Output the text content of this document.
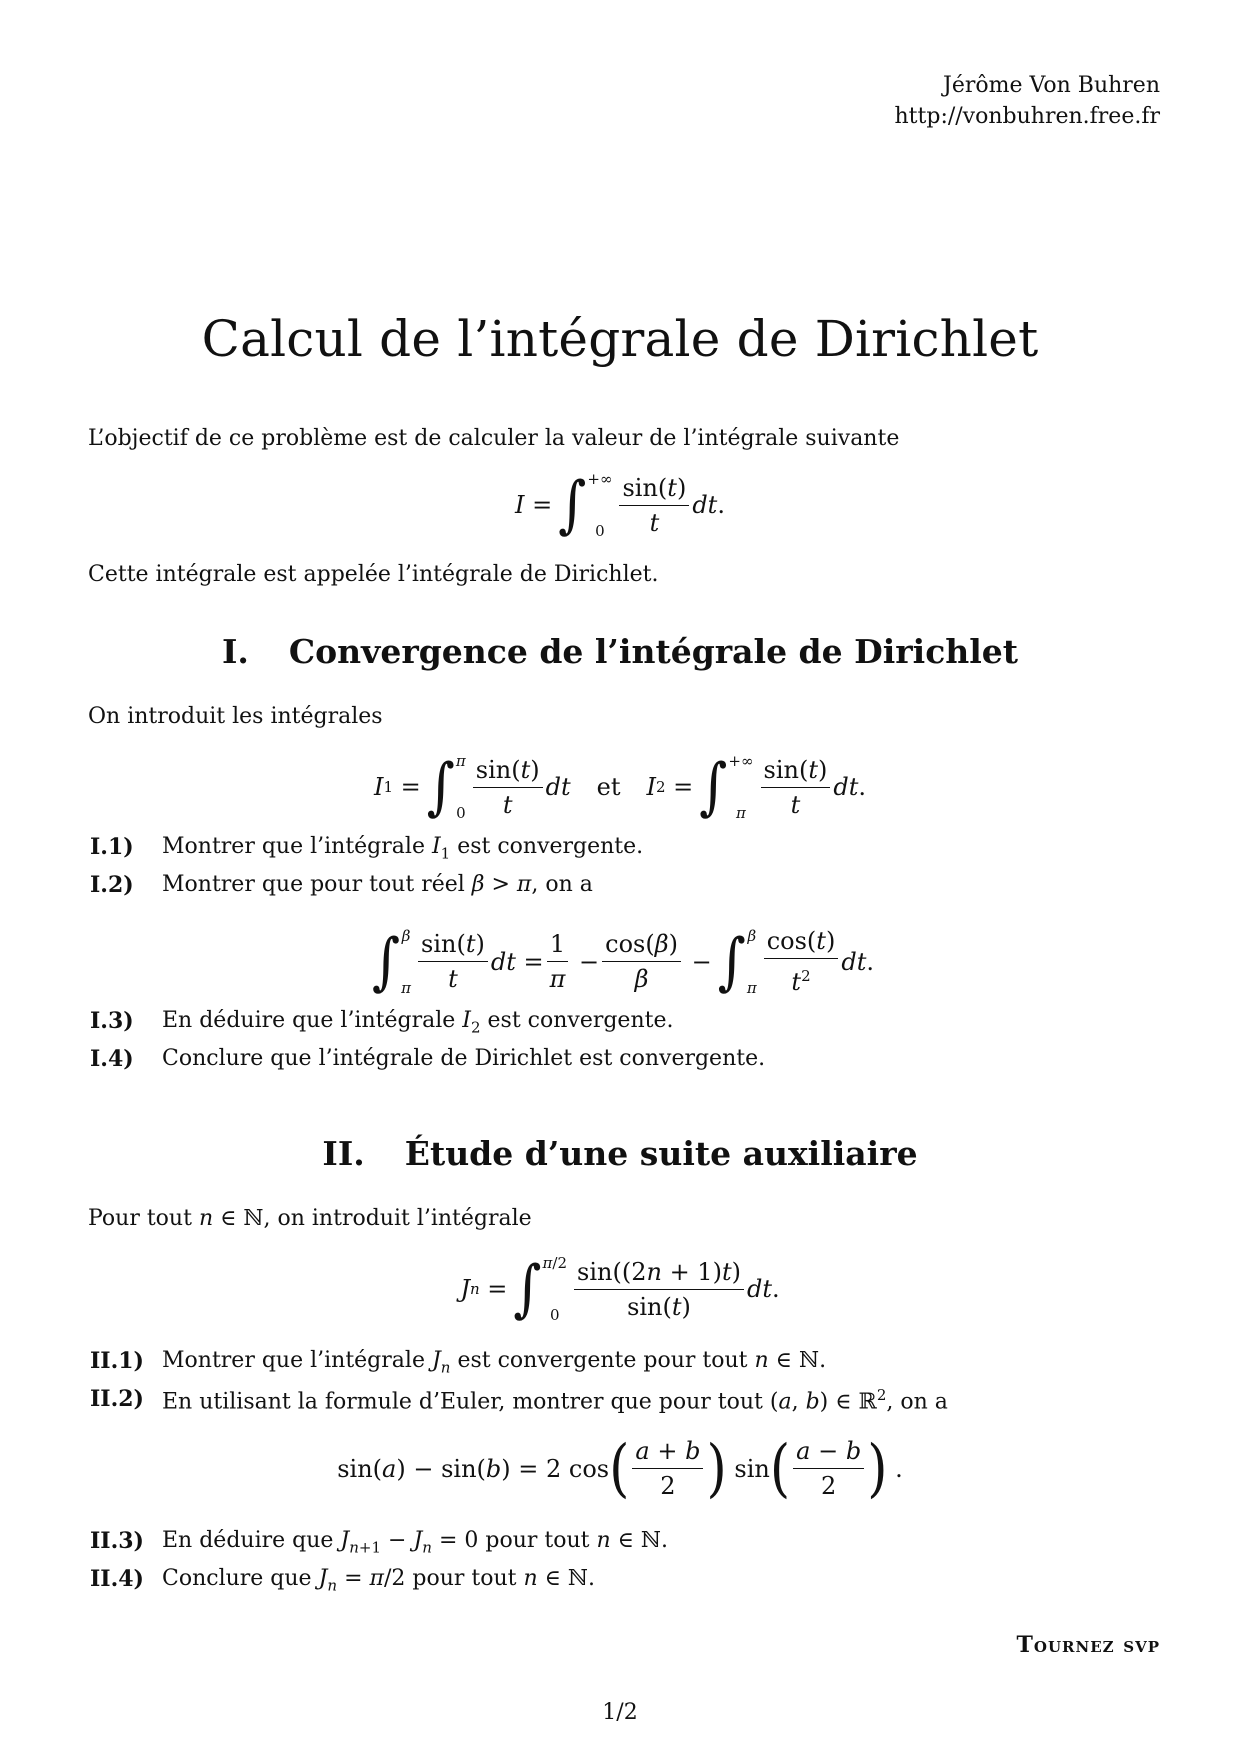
Jérôme Von Buhren
http://vonbuhren.free.fr
Calcul de l’intégrale de Dirichlet
L’objectif de ce problème est de calculer la valeur de l’intégrale suivante
I = ∫ +∞
$0 \frac{\sin(t)}{t}$ dt .
Cette intégrale est appelée l’intégrale de Dirichlet.
I. Convergence de l’intégrale de Dirichlet
On introduit les intégrales
I 1 = ∫ π
$0 \frac{\sin(t)}{t}$ dt et I 2 = ∫ +∞
π $\frac{\sin(t)}{t}$ dt .
I.1)	Montrer que l’intégrale $I_1$ est convergente.
I.2)	Montrer que pour tout réel β > π, on a
∫ β
π $\frac{\sin(t)}{t}$ dt = $\frac{1}{\pi} - \frac{\cos(\beta)}{\beta}$ − ∫ β
π $\frac{\cos(t)}{t^2}$ dt .
I.3)	En déduire que l’intégrale $I_2$ est convergente.
I.4)	Conclure que l’intégrale de Dirichlet est convergente.
II. Étude d’une suite auxiliaire
Pour tout n ∈ ℕ, on introduit l’intégrale
J n = ∫ π/2
$0 \frac{\sin((2n + 1)t)}{\sin(t)}$ dt .
II.1) Montrer que l’intégrale $J_n$ est convergente pour tout n ∈ ℕ.
II.2) En utilisant la formule d’Euler, montrer que pour tout (a, b) ∈ ℝ$^2$, on a
sin( a ) − sin( b ) = 2 cos ( $\frac{a + b}{2}$ ) sin ( $\frac{a - b}{2}$ ) .
II.3) En déduire que $J_{n+1} - J_n = 0$ pour tout n ∈ ℕ.
II.4) Conclure que $J_n = \pi/2$ pour tout n ∈ ℕ.
Tournez svp
1/2
